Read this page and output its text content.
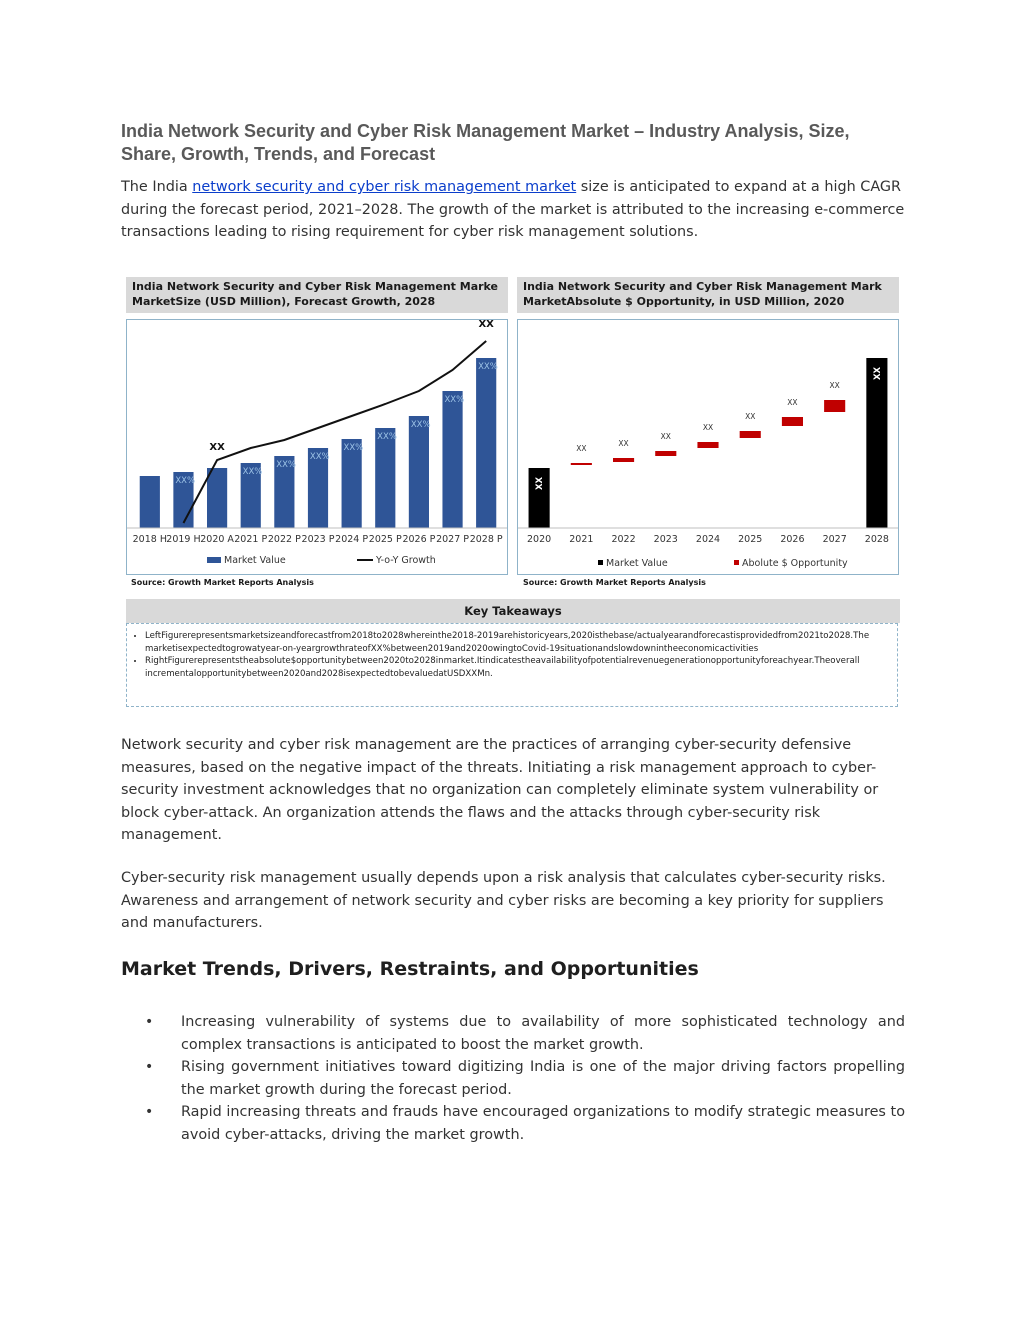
India Network Security and Cyber Risk Management Market – Industry Analysis, Size, Share, Growth, Trends, and Forecast

The India network security and cyber risk management market size is anticipated to expand at a high CAGR during the forecast period, 2021–2028. The growth of the market is attributed to the increasing e-commerce transactions leading to rising requirement for cyber risk management solutions.

India Network Security and Cyber Risk Management Marke
MarketSize (USD Million), Forecast Growth, 2028
2018 H
XX%
2019 H 2020 A
XX%
2021 P
XX%
2022 P
XX%
2023 P
XX%
2024 P
XX%
2025 P
XX%
2026 P
XX%
2027 P
XX%
2028 P
XX
XX
Market Value	Y-o-Y Growth
Source: Growth Market Reports Analysis
India Network Security and Cyber Risk Management Mark
MarketAbsolute $ Opportunity, in USD Million, 2020
XX
2020
XX
2021
XX
2022
XX
2023
XX
2024
XX
2025
XX
2026
XX
2027
XX
2028
Market Value	Abolute $ Opportunity
Source: Growth Market Reports Analysis
Key Takeaways
• LeftFigurerepresentsmarketsizeandforecastfrom2018to2028whereinthe2018-2019arehistoricyears,2020isthebase/actualyearandforecastisprovidedfrom2021to2028.The marketisexpectedtogrowatyear-on-yeargrowthrateofXX%between2019and2020owingtoCovid-19situationandslowdownintheeconomicactivities
• RightFigurerepresentstheabsolute$opportunitybetween2020to2028inmarket.Itindicatestheavailabilityofpotentialrevenuegenerationopportunityforeachyear.Theoverall incrementalopportunitybetween2020and2028isexpectedtobevaluedatUSDXXMn.

Network security and cyber risk management are the practices of arranging cyber-security defensive measures, based on the negative impact of the threats. Initiating a risk management approach to cyber-security investment acknowledges that no organization can completely eliminate system vulnerability or block cyber-attack. An organization attends the flaws and the attacks through cyber-security risk management.

Cyber-security risk management usually depends upon a risk analysis that calculates cyber-security risks. Awareness and arrangement of network security and cyber risks are becoming a key priority for suppliers and manufacturers.

Market Trends, Drivers, Restraints, and Opportunities
• Increasing vulnerability of systems due to availability of more sophisticated technology and complex transactions is anticipated to boost the market growth.
• Rising government initiatives toward digitizing India is one of the major driving factors propelling the market growth during the forecast period.
• Rapid increasing threats and frauds have encouraged organizations to modify strategic measures to avoid cyber-attacks, driving the market growth.
